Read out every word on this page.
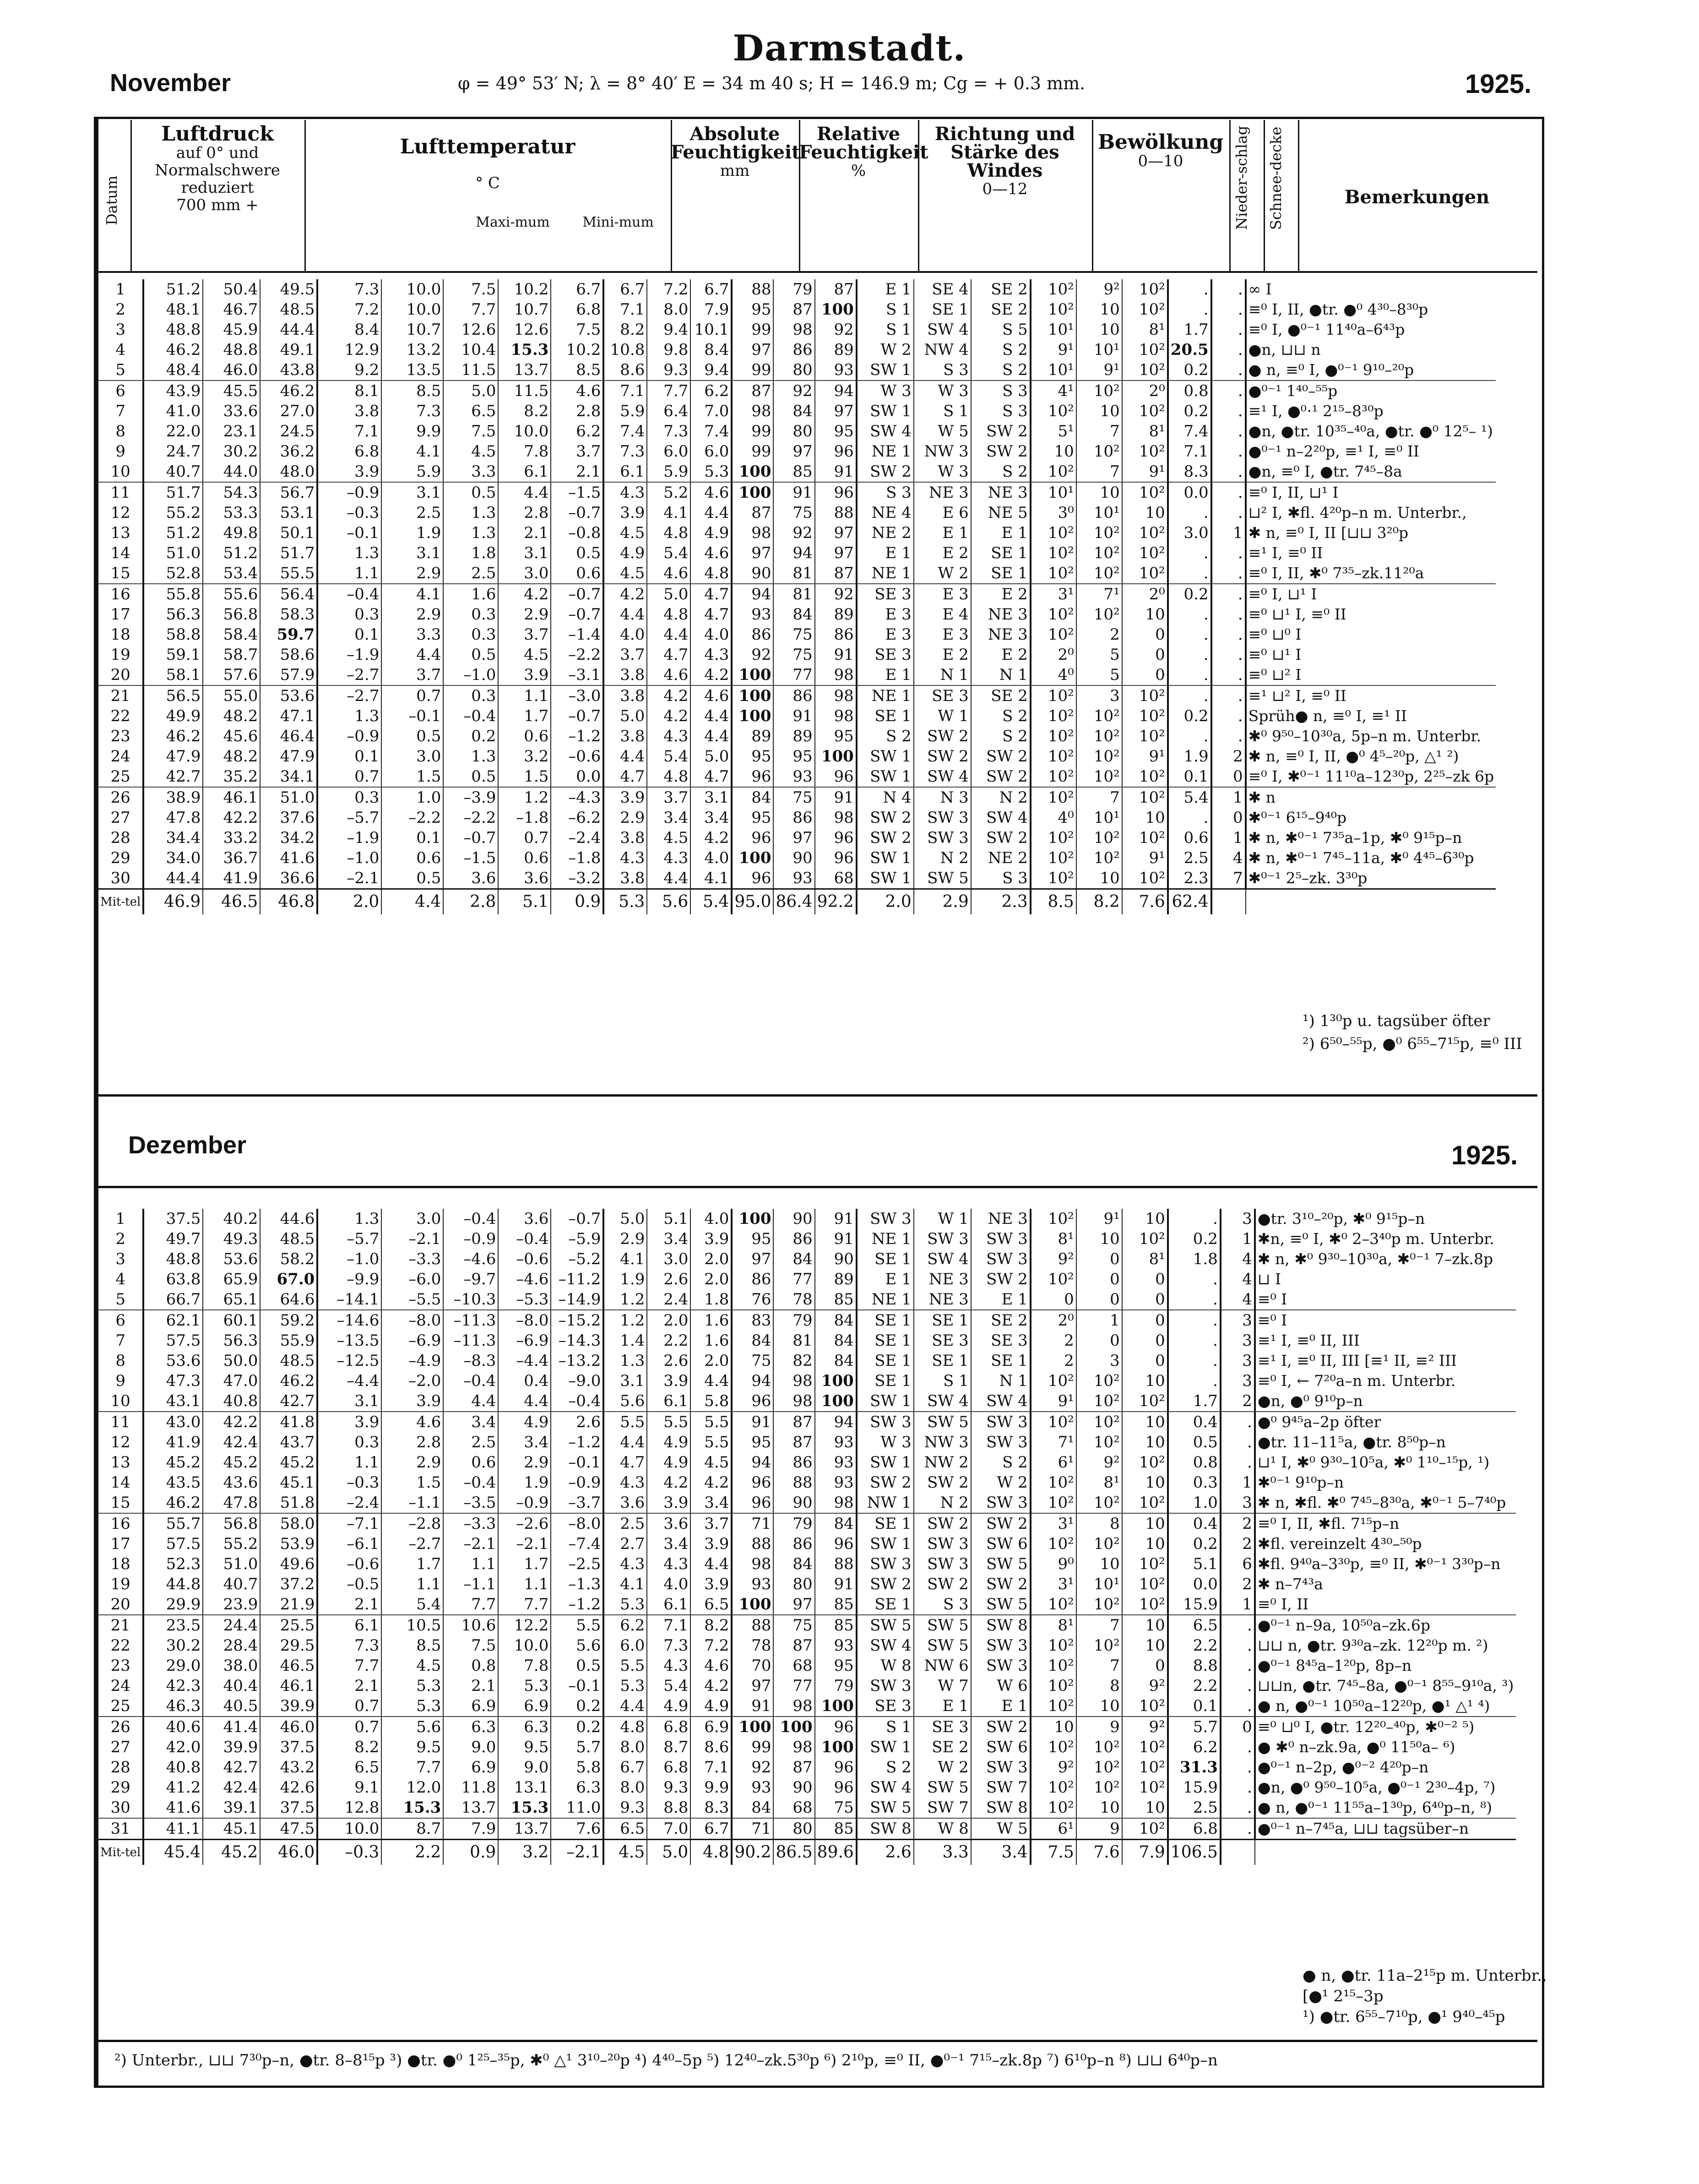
Darmstadt.
November	φ = 49° 53′ N; λ = 8° 40′ E = 34 m 40 s; H = 146.9 m; Cg = + 0.3 mm.	1925.
Datum
Luftdruck
auf 0° und Normalschwere reduziert
700 mm +
Lufttemperatur

° C
Maxi-mum	Mini-mum
Absolute Feuchtigkeit
mm
Relative Feuchtigkeit
%
Richtung und Stärke des Windes
0—12
Bewölkung
0—10	Nieder-schlag Schnee-decke	Bemerkungen
1	51.2	50.4	49.5	7.3	10.0	7.5	10.2	6.7	6.7	7.2	6.7	88	79	87	E 1	SE 4	SE 2	10²	9²	10²	.	.	∞ I
2	48.1	46.7	48.5	7.2	10.0	7.7	10.7	6.8	7.1	8.0	7.9	95	87	100	S 1	SE 1	SE 2	10²	10	10²	.	.	≡⁰ I, II, ●tr. ●⁰ 4³⁰–8³⁰p
3	48.8	45.9	44.4	8.4	10.7	12.6	12.6	7.5	8.2	9.4	10.1	99	98	92	S 1	SW 4	S 5	10¹	10	8¹	1.7	.	≡⁰ I, ●⁰⁻¹ 11⁴⁰a–6⁴³p
4	46.2	48.8	49.1	12.9	13.2	10.4	15.3	10.2	10.8	9.8	8.4	97	86	89	W 2	NW 4	S 2	9¹	10¹	10²	20.5	.	●n, ⊔⊔ n
5	48.4	46.0	43.8	9.2	13.5	11.5	13.7	8.5	8.6	9.3	9.4	99	80	93	SW 1	S 3	S 2	10¹	9¹	10²	0.2	.	● n, ≡⁰ I, ●⁰⁻¹ 9¹⁰–²⁰p
6	43.9	45.5	46.2	8.1	8.5	5.0	11.5	4.6	7.1	7.7	6.2	87	92	94	W 3	W 3	S 3	4¹	10²	2⁰	0.8	.	●⁰⁻¹ 1⁴⁰–⁵⁵p
7	41.0	33.6	27.0	3.8	7.3	6.5	8.2	2.8	5.9	6.4	7.0	98	84	97	SW 1	S 1	S 3	10²	10	10²	0.2	.	≡¹ I, ●⁰⋅¹ 2¹⁵–8³⁰p
8	22.0	23.1	24.5	7.1	9.9	7.5	10.0	6.2	7.4	7.3	7.4	99	80	95	SW 4	W 5	SW 2	5¹	7	8¹	7.4	.	●n, ●tr. 10³⁵–⁴⁰a, ●tr. ●⁰ 12⁵– ¹)
9	24.7	30.2	36.2	6.8	4.1	4.5	7.8	3.7	7.3	6.0	6.0	99	97	96	NE 1	NW 3	SW 2	10	10²	10²	7.1	.	●⁰⁻¹ n–2²⁰p, ≡¹ I, ≡⁰ II
10	40.7	44.0	48.0	3.9	5.9	3.3	6.1	2.1	6.1	5.9	5.3	100	85	91	SW 2	W 3	S 2	10²	7	9¹	8.3	.	●n, ≡⁰ I, ●tr. 7⁴⁵–8a
11	51.7	54.3	56.7	–0.9	3.1	0.5	4.4	–1.5	4.3	5.2	4.6	100	91	96	S 3	NE 3	NE 3	10¹	10	10²	0.0	.	≡⁰ I, II, ⊔¹ I
12	55.2	53.3	53.1	–0.3	2.5	1.3	2.8	–0.7	3.9	4.1	4.4	87	75	88	NE 4	E 6	NE 5	3⁰	10¹	10	.	.	⊔² I, ✱fl. 4²⁰p–n m. Unterbr.,
13	51.2	49.8	50.1	–0.1	1.9	1.3	2.1	–0.8	4.5	4.8	4.9	98	92	97	NE 2	E 1	E 1	10²	10²	10²	3.0	1	✱ n, ≡⁰ I, II [⊔⊔ 3²⁰p
14	51.0	51.2	51.7	1.3	3.1	1.8	3.1	0.5	4.9	5.4	4.6	97	94	97	E 1	E 2	SE 1	10²	10²	10²	.	.	≡¹ I, ≡⁰ II
15	52.8	53.4	55.5	1.1	2.9	2.5	3.0	0.6	4.5	4.6	4.8	90	81	87	NE 1	W 2	SE 1	10²	10²	10²	.	.	≡⁰ I, II, ✱⁰ 7³⁵–zk.11²⁰a
16	55.8	55.6	56.4	–0.4	4.1	1.6	4.2	–0.7	4.2	5.0	4.7	94	81	92	SE 3	E 3	E 2	3¹	7¹	2⁰	0.2	.	≡⁰ I, ⊔¹ I
17	56.3	56.8	58.3	0.3	2.9	0.3	2.9	–0.7	4.4	4.8	4.7	93	84	89	E 3	E 4	NE 3	10²	10²	10	.	.	≡⁰ ⊔¹ I, ≡⁰ II
18	58.8	58.4	59.7	0.1	3.3	0.3	3.7	–1.4	4.0	4.4	4.0	86	75	86	E 3	E 3	NE 3	10²	2	0	.	.	≡⁰ ⊔⁰ I
19	59.1	58.7	58.6	–1.9	4.4	0.5	4.5	–2.2	3.7	4.7	4.3	92	75	91	SE 3	E 2	E 2	2⁰	5	0	.	.	≡⁰ ⊔¹ I
20	58.1	57.6	57.9	–2.7	3.7	–1.0	3.9	–3.1	3.8	4.6	4.2	100	77	98	E 1	N 1	N 1	4⁰	5	0	.	.	≡⁰ ⊔² I
21	56.5	55.0	53.6	–2.7	0.7	0.3	1.1	–3.0	3.8	4.2	4.6	100	86	98	NE 1	SE 3	SE 2	10²	3	10²	.	.	≡¹ ⊔² I, ≡⁰ II
22	49.9	48.2	47.1	1.3	–0.1	–0.4	1.7	–0.7	5.0	4.2	4.4	100	91	98	SE 1	W 1	S 2	10²	10²	10²	0.2	.	Sprüh● n, ≡⁰ I, ≡¹ II
23	46.2	45.6	46.4	–0.9	0.5	0.2	0.6	–1.2	3.8	4.3	4.4	89	89	95	S 2	SW 2	S 2	10²	10²	10²	.	.	✱⁰ 9⁵⁰–10³⁰a, 5p–n m. Unterbr.
24	47.9	48.2	47.9	0.1	3.0	1.3	3.2	–0.6	4.4	5.4	5.0	95	95	100	SW 1	SW 2	SW 2	10²	10²	9¹	1.9	2	✱ n, ≡⁰ I, II, ●⁰ 4⁵–²⁰p, △¹ ²)
25	42.7	35.2	34.1	0.7	1.5	0.5	1.5	0.0	4.7	4.8	4.7	96	93	96	SW 1	SW 4	SW 2	10²	10²	10²	0.1	0	≡⁰ I, ✱⁰⁻¹ 11¹⁰a–12³⁰p, 2²⁵–zk 6p
26	38.9	46.1	51.0	0.3	1.0	–3.9	1.2	–4.3	3.9	3.7	3.1	84	75	91	N 4	N 3	N 2	10²	7	10²	5.4	1	✱ n
27	47.8	42.2	37.6	–5.7	–2.2	–2.2	–1.8	–6.2	2.9	3.4	3.4	95	86	98	SW 2	SW 3	SW 4	4⁰	10¹	10	.	0	✱⁰⁻¹ 6¹⁵–9⁴⁰p
28	34.4	33.2	34.2	–1.9	0.1	–0.7	0.7	–2.4	3.8	4.5	4.2	96	97	96	SW 2	SW 3	SW 2	10²	10²	10²	0.6	1	✱ n, ✱⁰⁻¹ 7³⁵a–1p, ✱⁰ 9¹⁵p–n
29	34.0	36.7	41.6	–1.0	0.6	–1.5	0.6	–1.8	4.3	4.3	4.0	100	90	96	SW 1	N 2	NE 2	10²	10²	9¹	2.5	4	✱ n, ✱⁰⁻¹ 7⁴⁵–11a, ✱⁰ 4⁴⁵–6³⁰p
30	44.4	41.9	36.6	–2.1	0.5	3.6	3.6	–3.2	3.8	4.4	4.1	96	93	68	SW 1	SW 5	S 3	10²	10	10²	2.3	7	✱⁰⁻¹ 2⁵–zk. 3³⁰p
Mit-tel	46.9	46.5	46.8	2.0	4.4	2.8	5.1	0.9	5.3	5.6	5.4	95.0	86.4	92.2	2.0	2.9	2.3	8.5	8.2	7.6	62.4		
¹) 1³⁰p u. tagsüber öfter
²) 6⁵⁰–⁵⁵p, ●⁰ 6⁵⁵–7¹⁵p, ≡⁰ III
Dezember	1925.
1	37.5	40.2	44.6	1.3	3.0	–0.4	3.6	–0.7	5.0	5.1	4.0	100	90	91	SW 3	W 1	NE 3	10²	9¹	10	.	3	●tr. 3¹⁰–²⁰p, ✱⁰ 9¹⁵p–n
2	49.7	49.3	48.5	–5.7	–2.1	–0.9	–0.4	–5.9	2.9	3.4	3.9	95	86	91	NE 1	SW 3	SW 3	8¹	10	10²	0.2	1	✱n, ≡⁰ I, ✱⁰ 2–3⁴⁰p m. Unterbr.
3	48.8	53.6	58.2	–1.0	–3.3	–4.6	–0.6	–5.2	4.1	3.0	2.0	97	84	90	SE 1	SW 4	SW 3	9²	0	8¹	1.8	4	✱ n, ✱⁰ 9³⁰–10³⁰a, ✱⁰⁻¹ 7–zk.8p
4	63.8	65.9	67.0	–9.9	–6.0	–9.7	–4.6	–11.2	1.9	2.6	2.0	86	77	89	E 1	NE 3	SW 2	10²	0	0	.	4	⊔ I
5	66.7	65.1	64.6	–14.1	–5.5	–10.3	–5.3	–14.9	1.2	2.4	1.8	76	78	85	NE 1	NE 3	E 1	0	0	0	.	4	≡⁰ I
6	62.1	60.1	59.2	–14.6	–8.0	–11.3	–8.0	–15.2	1.2	2.0	1.6	83	79	84	SE 1	SE 1	SE 2	2⁰	1	0	.	3	≡⁰ I
7	57.5	56.3	55.9	–13.5	–6.9	–11.3	–6.9	–14.3	1.4	2.2	1.6	84	81	84	SE 1	SE 3	SE 3	2	0	0	.	3	≡¹ I, ≡⁰ II, III
8	53.6	50.0	48.5	–12.5	–4.9	–8.3	–4.4	–13.2	1.3	2.6	2.0	75	82	84	SE 1	SE 1	SE 1	2	3	0	.	3	≡¹ I, ≡⁰ II, III [≡¹ II, ≡² III
9	47.3	47.0	46.2	–4.4	–2.0	–0.4	0.4	–9.0	3.1	3.9	4.4	94	98	100	SE 1	S 1	N 1	10²	10²	10	.	3	≡⁰ I, ← 7²⁰a–n m. Unterbr.
10	43.1	40.8	42.7	3.1	3.9	4.4	4.4	–0.4	5.6	6.1	5.8	96	98	100	SW 1	SW 4	SW 4	9¹	10²	10²	1.7	2	●n, ●⁰ 9¹⁰p–n
11	43.0	42.2	41.8	3.9	4.6	3.4	4.9	2.6	5.5	5.5	5.5	91	87	94	SW 3	SW 5	SW 3	10²	10²	10	0.4	.	●⁰ 9⁴⁵a–2p öfter
12	41.9	42.4	43.7	0.3	2.8	2.5	3.4	–1.2	4.4	4.9	5.5	95	87	93	W 3	NW 3	SW 3	7¹	10²	10	0.5	.	●tr. 11–11⁵a, ●tr. 8⁵⁰p–n
13	45.2	45.2	45.2	1.1	2.9	0.6	2.9	–0.1	4.7	4.9	4.5	94	86	93	SW 1	NW 2	S 2	6¹	9²	10²	0.8	.	⊔¹ I, ✱⁰ 9³⁰–10⁵a, ✱⁰ 1¹⁰–¹⁵p, ¹)
14	43.5	43.6	45.1	–0.3	1.5	–0.4	1.9	–0.9	4.3	4.2	4.2	96	88	93	SW 2	SW 2	W 2	10²	8¹	10	0.3	1	✱⁰⁻¹ 9¹⁰p–n
15	46.2	47.8	51.8	–2.4	–1.1	–3.5	–0.9	–3.7	3.6	3.9	3.4	96	90	98	NW 1	N 2	SW 3	10²	10²	10²	1.0	3	✱ n, ✱fl. ✱⁰ 7⁴⁵–8³⁰a, ✱⁰⁻¹ 5–7⁴⁰p
16	55.7	56.8	58.0	–7.1	–2.8	–3.3	–2.6	–8.0	2.5	3.6	3.7	71	79	84	SE 1	SW 2	SW 2	3¹	8	10	0.4	2	≡⁰ I, II, ✱fl. 7¹⁵p–n
17	57.5	55.2	53.9	–6.1	–2.7	–2.1	–2.1	–7.4	2.7	3.4	3.9	88	86	96	SW 1	SW 3	SW 6	10²	10²	10	0.2	2	✱fl. vereinzelt 4³⁰–⁵⁰p
18	52.3	51.0	49.6	–0.6	1.7	1.1	1.7	–2.5	4.3	4.3	4.4	98	84	88	SW 3	SW 3	SW 5	9⁰	10	10²	5.1	6	✱fl. 9⁴⁰a–3³⁰p, ≡⁰ II, ✱⁰⁻¹ 3³⁰p–n
19	44.8	40.7	37.2	–0.5	1.1	–1.1	1.1	–1.3	4.1	4.0	3.9	93	80	91	SW 2	SW 2	SW 2	3¹	10¹	10²	0.0	2	✱ n–7⁴³a
20	29.9	23.9	21.9	2.1	5.4	7.7	7.7	–1.2	5.3	6.1	6.5	100	97	85	SE 1	S 3	SW 5	10²	10²	10²	15.9	1	≡⁰ I, II
21	23.5	24.4	25.5	6.1	10.5	10.6	12.2	5.5	6.2	7.1	8.2	88	75	85	SW 5	SW 5	SW 8	8¹	7	10	6.5	.	●⁰⁻¹ n–9a, 10⁵⁰a–zk.6p
22	30.2	28.4	29.5	7.3	8.5	7.5	10.0	5.6	6.0	7.3	7.2	78	87	93	SW 4	SW 5	SW 3	10²	10²	10	2.2	.	⊔⊔ n, ●tr. 9³⁰a–zk. 12²⁰p m. ²)
23	29.0	38.0	46.5	7.7	4.5	0.8	7.8	0.5	5.5	4.3	4.6	70	68	95	W 8	NW 6	SW 3	10²	7	0	8.8	.	●⁰⁻¹ 8⁴⁵a–1²⁰p, 8p–n
24	42.3	40.4	46.1	2.1	5.3	2.1	5.3	–0.1	5.3	5.4	4.2	97	77	79	SW 3	W 7	W 6	10²	8	9²	2.2	.	⊔⊔n, ●tr. 7⁴⁵–8a, ●⁰⁻¹ 8⁵⁵–9¹⁰a, ³)
25	46.3	40.5	39.9	0.7	5.3	6.9	6.9	0.2	4.4	4.9	4.9	91	98	100	SE 3	E 1	E 1	10²	10	10²	0.1	.	● n, ●⁰⁻¹ 10⁵⁰a–12²⁰p, ●¹ △¹ ⁴)
26	40.6	41.4	46.0	0.7	5.6	6.3	6.3	0.2	4.8	6.8	6.9	100	100	96	S 1	SE 3	SW 2	10	9	9²	5.7	0	≡⁰ ⊔⁰ I, ●tr. 12²⁰–⁴⁰p, ✱⁰⁻² ⁵)
27	42.0	39.9	37.5	8.2	9.5	9.0	9.5	5.7	8.0	8.7	8.6	99	98	100	SW 1	SE 2	SW 6	10²	10²	10²	6.2	.	● ✱⁰ n–zk.9a, ●⁰ 11⁵⁰a– ⁶)
28	40.8	42.7	43.2	6.5	7.7	6.9	9.0	5.8	6.7	6.8	7.1	92	87	96	S 2	W 2	SW 3	9²	10²	10²	31.3	.	●⁰⁻¹ n–2p, ●⁰⁻² 4²⁰p–n
29	41.2	42.4	42.6	9.1	12.0	11.8	13.1	6.3	8.0	9.3	9.9	93	90	96	SW 4	SW 5	SW 7	10²	10²	10²	15.9	.	●n, ●⁰ 9⁵⁰–10⁵a, ●⁰⁻¹ 2³⁰–4p, ⁷)
30	41.6	39.1	37.5	12.8	15.3	13.7	15.3	11.0	9.3	8.8	8.3	84	68	75	SW 5	SW 7	SW 8	10²	10	10	2.5	.	● n, ●⁰⁻¹ 11⁵⁵a–1³⁰p, 6⁴⁰p–n, ⁸)
31	41.1	45.1	47.5	10.0	8.7	7.9	13.7	7.6	6.5	7.0	6.7	71	80	85	SW 8	W 8	W 5	6¹	9	10²	6.8	.	●⁰⁻¹ n–7⁴⁵a, ⊔⊔ tagsüber–n
Mit-tel	45.4	45.2	46.0	–0.3	2.2	0.9	3.2	–2.1	4.5	5.0	4.8	90.2	86.5	89.6	2.6	3.3	3.4	7.5	7.6	7.9	106.5		
● n, ●tr. 11a–2¹⁵p m. Unterbr.,
[●¹ 2¹⁵–3p
¹) ●tr. 6⁵⁵–7¹⁰p, ●¹ 9⁴⁰–⁴⁵p
²) Unterbr., ⊔⊔ 7³⁰p–n, ●tr. 8–8¹⁵p ³) ●tr. ●⁰ 1²⁵–³⁵p, ✱⁰ △¹ 3¹⁰–²⁰p ⁴) 4⁴⁰–5p ⁵) 12⁴⁰–zk.5³⁰p ⁶) 2¹⁰p, ≡⁰ II, ●⁰⁻¹ 7¹⁵–zk.8p ⁷) 6¹⁰p–n ⁸) ⊔⊔ 6⁴⁰p–n
